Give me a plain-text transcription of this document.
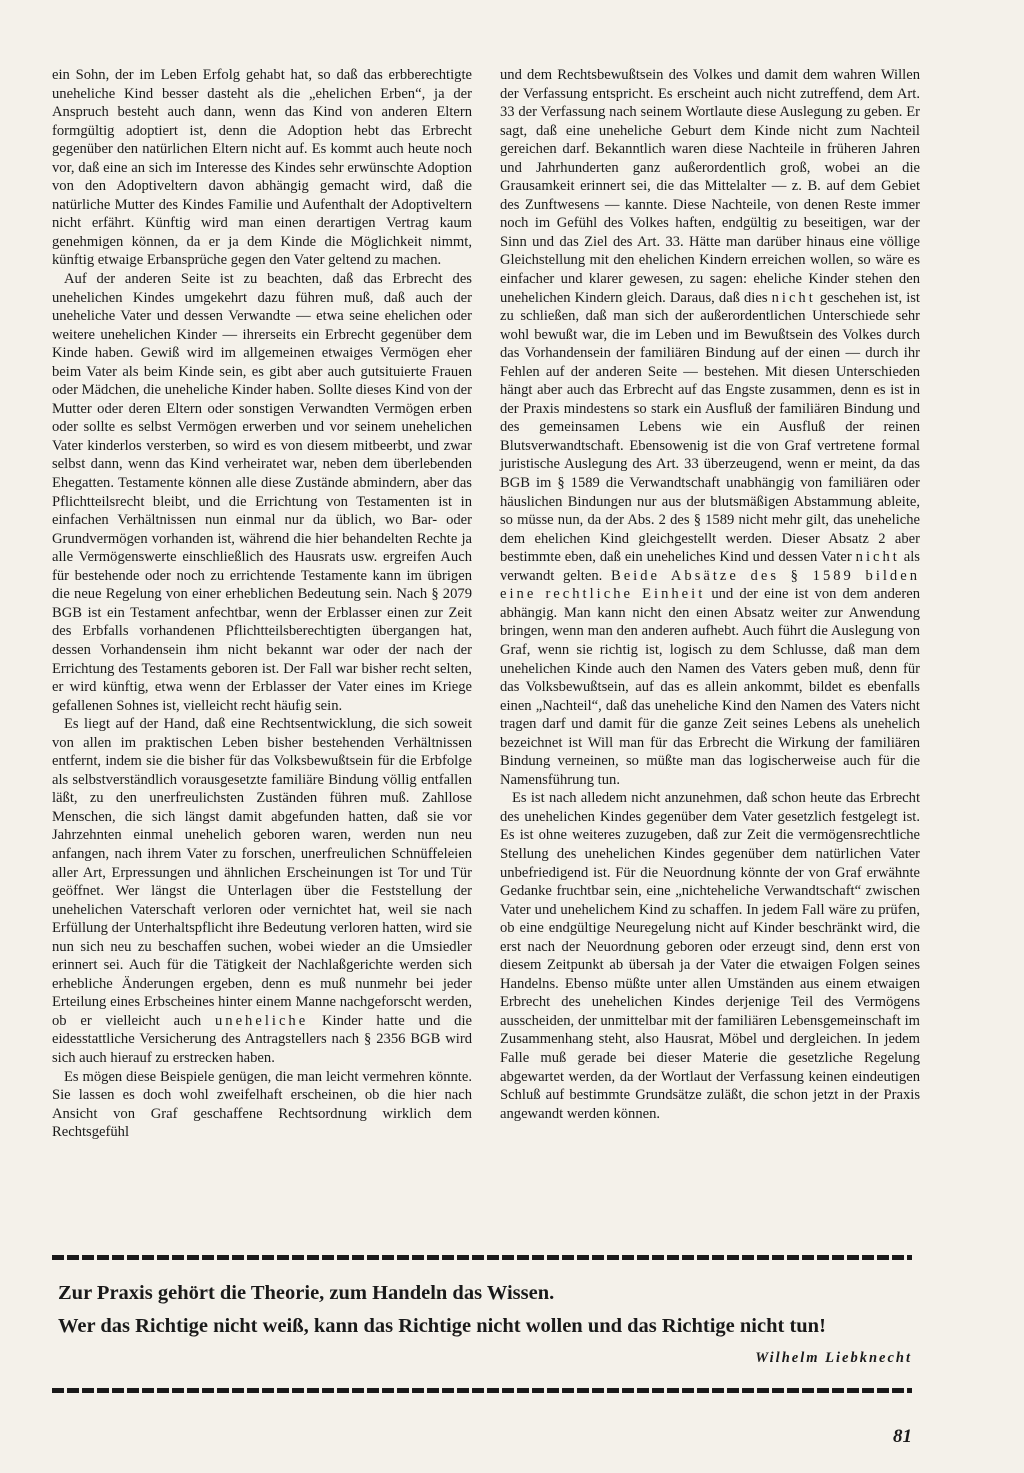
ein Sohn, der im Leben Erfolg gehabt hat, so daß das erbberechtigte uneheliche Kind besser dasteht als die „ehelichen Erben“, ja der Anspruch besteht auch dann, wenn das Kind von anderen Eltern formgültig adoptiert ist, denn die Adoption hebt das Erbrecht gegenüber den natürlichen Eltern nicht auf. Es kommt auch heute noch vor, daß eine an sich im Interesse des Kindes sehr erwünschte Adoption von den Adoptiveltern davon abhängig gemacht wird, daß die natürliche Mutter des Kindes Familie und Aufenthalt der Adoptiveltern nicht erfährt. Künftig wird man einen derartigen Vertrag kaum genehmigen können, da er ja dem Kinde die Möglichkeit nimmt, künftig etwaige Erbansprüche gegen den Vater geltend zu machen.

Auf der anderen Seite ist zu beachten, daß das Erbrecht des unehelichen Kindes umgekehrt dazu führen muß, daß auch der uneheliche Vater und dessen Verwandte — etwa seine ehelichen oder weitere unehelichen Kinder — ihrerseits ein Erbrecht gegenüber dem Kinde haben. Gewiß wird im allgemeinen etwaiges Vermögen eher beim Vater als beim Kinde sein, es gibt aber auch gutsituierte Frauen oder Mädchen, die uneheliche Kinder haben. Sollte dieses Kind von der Mutter oder deren Eltern oder sonstigen Verwandten Vermögen erben oder sollte es selbst Vermögen erwerben und vor seinem unehelichen Vater kinderlos versterben, so wird es von diesem mitbeerbt, und zwar selbst dann, wenn das Kind verheiratet war, neben dem überlebenden Ehegatten. Testamente können alle diese Zustände abmindern, aber das Pflichtteilsrecht bleibt, und die Errichtung von Testamenten ist in einfachen Verhältnissen nun einmal nur da üblich, wo Bar- oder Grundvermögen vorhanden ist, während die hier behandelten Rechte ja alle Vermögenswerte einschließlich des Hausrats usw. ergreifen Auch für bestehende oder noch zu errichtende Testamente kann im übrigen die neue Regelung von einer erheblichen Bedeutung sein. Nach § 2079 BGB ist ein Testament anfechtbar, wenn der Erblasser einen zur Zeit des Erbfalls vorhandenen Pflichtteilsberechtigten übergangen hat, dessen Vorhandensein ihm nicht bekannt war oder der nach der Errichtung des Testaments geboren ist. Der Fall war bisher recht selten, er wird künftig, etwa wenn der Erblasser der Vater eines im Kriege gefallenen Sohnes ist, vielleicht recht häufig sein.

Es liegt auf der Hand, daß eine Rechtsentwicklung, die sich soweit von allen im praktischen Leben bisher bestehenden Verhältnissen entfernt, indem sie die bisher für das Volksbewußtsein für die Erbfolge als selbstverständlich vorausgesetzte familiäre Bindung völlig entfallen läßt, zu den unerfreulichsten Zuständen führen muß. Zahllose Menschen, die sich längst damit abgefunden hatten, daß sie vor Jahrzehnten einmal unehelich geboren waren, werden nun neu anfangen, nach ihrem Vater zu forschen, unerfreulichen Schnüffeleien aller Art, Erpressungen und ähnlichen Erscheinungen ist Tor und Tür geöffnet. Wer längst die Unterlagen über die Feststellung der unehelichen Vaterschaft verloren oder vernichtet hat, weil sie nach Erfüllung der Unterhaltspflicht ihre Bedeutung verloren hatten, wird sie nun sich neu zu beschaffen suchen, wobei wieder an die Umsiedler erinnert sei. Auch für die Tätigkeit der Nachlaßgerichte werden sich erhebliche Änderungen ergeben, denn es muß nunmehr bei jeder Erteilung eines Erbscheines hinter einem Manne nachgeforscht werden, ob er vielleicht auch uneheliche Kinder hatte und die eidesstattliche Versicherung des Antragstellers nach § 2356 BGB wird sich auch hierauf zu erstrecken haben.

Es mögen diese Beispiele genügen, die man leicht vermehren könnte. Sie lassen es doch wohl zweifelhaft erscheinen, ob die hier nach Ansicht von Graf geschaffene Rechtsordnung wirklich dem Rechtsgefühl

und dem Rechtsbewußtsein des Volkes und damit dem wahren Willen der Verfassung entspricht. Es erscheint auch nicht zutreffend, dem Art. 33 der Verfassung nach seinem Wortlaute diese Auslegung zu geben. Er sagt, daß eine uneheliche Geburt dem Kinde nicht zum Nachteil gereichen darf. Bekanntlich waren diese Nachteile in früheren Jahren und Jahrhunderten ganz außerordentlich groß, wobei an die Grausamkeit erinnert sei, die das Mittelalter — z. B. auf dem Gebiet des Zunftwesens — kannte. Diese Nachteile, von denen Reste immer noch im Gefühl des Volkes haften, endgültig zu beseitigen, war der Sinn und das Ziel des Art. 33. Hätte man darüber hinaus eine völlige Gleichstellung mit den ehelichen Kindern erreichen wollen, so wäre es einfacher und klarer gewesen, zu sagen: eheliche Kinder stehen den unehelichen Kindern gleich. Daraus, daß dies nicht geschehen ist, ist zu schließen, daß man sich der außerordentlichen Unterschiede sehr wohl bewußt war, die im Leben und im Bewußtsein des Volkes durch das Vorhandensein der familiären Bindung auf der einen — durch ihr Fehlen auf der anderen Seite — bestehen. Mit diesen Unterschieden hängt aber auch das Erbrecht auf das Engste zusammen, denn es ist in der Praxis mindestens so stark ein Ausfluß der familiären Bindung und des gemeinsamen Lebens wie ein Ausfluß der reinen Blutsverwandtschaft. Ebensowenig ist die von Graf vertretene formal juristische Auslegung des Art. 33 überzeugend, wenn er meint, da das BGB im § 1589 die Verwandtschaft unabhängig von familiären oder häuslichen Bindungen nur aus der blutsmäßigen Abstammung ableite, so müsse nun, da der Abs. 2 des § 1589 nicht mehr gilt, das uneheliche dem ehelichen Kind gleichgestellt werden. Dieser Absatz 2 aber bestimmte eben, daß ein uneheliches Kind und dessen Vater nicht als verwandt gelten. Beide Absätze des § 1589 bilden eine rechtliche Einheit und der eine ist von dem anderen abhängig. Man kann nicht den einen Absatz weiter zur Anwendung bringen, wenn man den anderen aufhebt. Auch führt die Auslegung von Graf, wenn sie richtig ist, logisch zu dem Schlusse, daß man dem unehelichen Kinde auch den Namen des Vaters geben muß, denn für das Volksbewußtsein, auf das es allein ankommt, bildet es ebenfalls einen „Nachteil“, daß das uneheliche Kind den Namen des Vaters nicht tragen darf und damit für die ganze Zeit seines Lebens als unehelich bezeichnet ist Will man für das Erbrecht die Wirkung der familiären Bindung verneinen, so müßte man das logischerweise auch für die Namensführung tun.

Es ist nach alledem nicht anzunehmen, daß schon heute das Erbrecht des unehelichen Kindes gegenüber dem Vater gesetzlich festgelegt ist. Es ist ohne weiteres zuzugeben, daß zur Zeit die vermögensrechtliche Stellung des unehelichen Kindes gegenüber dem natürlichen Vater unbefriedigend ist. Für die Neuordnung könnte der von Graf erwähnte Gedanke fruchtbar sein, eine „nichteheliche Verwandtschaft“ zwischen Vater und unehelichem Kind zu schaffen. In jedem Fall wäre zu prüfen, ob eine endgültige Neuregelung nicht auf Kinder beschränkt wird, die erst nach der Neuordnung geboren oder erzeugt sind, denn erst von diesem Zeitpunkt ab übersah ja der Vater die etwaigen Folgen seines Handelns. Ebenso müßte unter allen Umständen aus einem etwaigen Erbrecht des unehelichen Kindes derjenige Teil des Vermögens ausscheiden, der unmittelbar mit der familiären Lebensgemeinschaft im Zusammenhang steht, also Hausrat, Möbel und dergleichen. In jedem Falle muß gerade bei dieser Materie die gesetzliche Regelung abgewartet werden, da der Wortlaut der Verfassung keinen eindeutigen Schluß auf bestimmte Grundsätze zuläßt, die schon jetzt in der Praxis angewandt werden können.

Zur Praxis gehört die Theorie, zum Handeln das Wissen.
Wer das Richtige nicht weiß, kann das Richtige nicht wollen und das Richtige nicht tun!
Wilhelm Liebknecht
81
